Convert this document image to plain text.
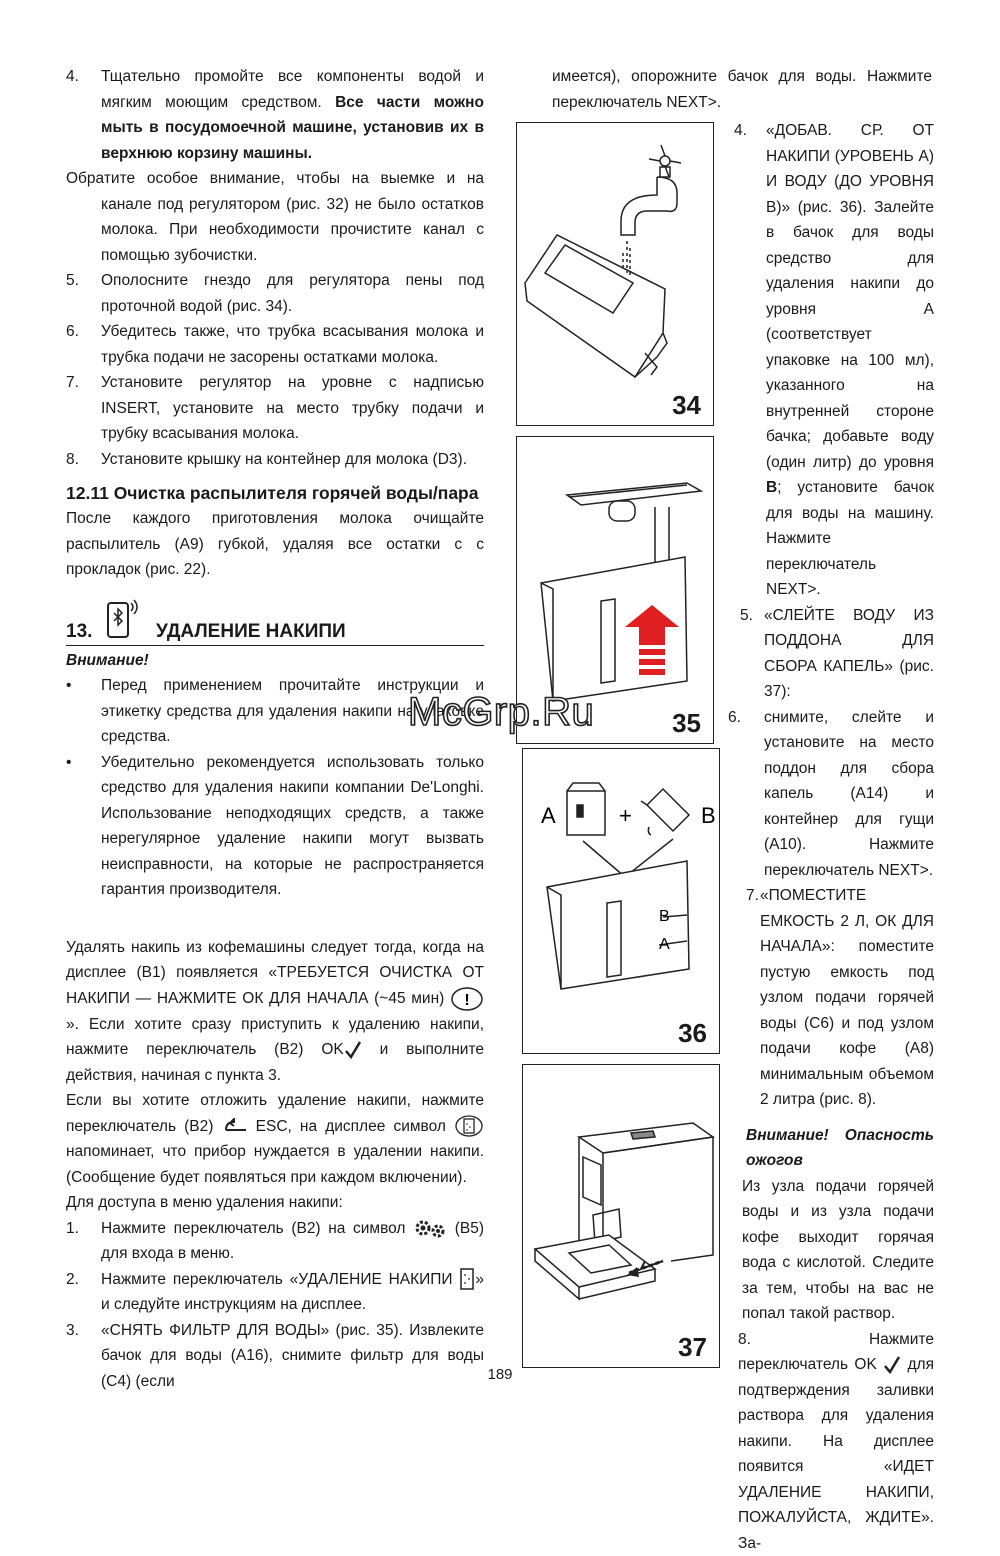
4.	Тщательно промойте все компоненты водой и мягким моющим средством. Все части можно мыть в посудомоечной машине, установив их в верхнюю корзину машины.

Обратите особое внимание, чтобы на выемке и на канале под регулятором (рис. 32) не было остатков молока. При необходимости прочистите канал с помощью зубочистки.

5.	Ополосните гнездо для регулятора пены под проточной водой (рис. 34).
6.	Убедитесь также, что трубка всасывания молока и трубка подачи не засорены остатками молока.
7.	Установите регулятор на уровне с надписью INSERT, установите на место трубку подачи и трубку всасывания молока.
8.	Установите крышку на контейнер для молока (D3).
12.11 Очистка распылителя горячей воды/пара

После каждого приготовления молока очищайте распылитель (A9) губкой, удаляя все остатки с с прокладок (рис. 22).

13.	УДАЛЕНИЕ НАКИПИ

Внимание!

•	Перед применением прочитайте инструкции и этикетку средства для удаления накипи на упаковке средства.
•	Убедительно рекомендуется использовать только средство для удаления накипи компании De'Longhi. Использование неподходящих средств, а также нерегулярное удаление накипи могут вызвать неисправности, на которые не распространяется гарантия производителя.

Удалять накипь из кофемашины следует тогда, когда на дисплее (B1) появляется «ТРЕБУЕТСЯ ОЧИСТКА ОТ НАКИПИ — НАЖМИТЕ ОК ДЛЯ НАЧАЛА (~45 мин) !
». Если хотите сразу приступить к удалению накипи, нажмите переключатель (B2) OK и выполните действия, начиная с пункта 3.

Если вы хотите отложить удаление накипи, нажмите переключатель (B2)	ESC, на дисплее символ  напоминает, что прибор нуждается в удалении накипи. (Сообщение будет появляться при каждом включении).

Для доступа в меню удаления накипи:

1.	Нажмите переключатель (B2) на символ	(B5) для входа в меню.
2.	Нажмите переключатель «УДАЛЕНИЕ НАКИПИ » и следуйте инструкциям на дисплее.
3.	«СНЯТЬ ФИЛЬТР ДЛЯ ВОДЫ» (рис. 35). Извлеките бачок для воды (A16), снимите фильтр для воды (C4) (если

имеется), опорожните бачок для воды. Нажмите переключатель NEXT>.

34
35
A	+	B
B
A
36
37
4.	«ДОБАВ. СР. ОТ НАКИПИ (УРОВЕНЬ A) И ВОДУ (ДО УРОВНЯ B)» (рис. 36). Залейте в бачок для воды средство для удаления накипи до уровня A (соответствует упаковке на 100 мл), указанного на внутренней стороне бачка; добавьте воду (один литр) до уровня B; установите бачок для воды на машину. Нажмите переключатель NEXT>.
5. «СЛЕЙТЕ ВОДУ ИЗ ПОДДОНА ДЛЯ СБОРА КАПЕЛЬ» (рис. 37):
6.	снимите, слейте и установите на место поддон для сбора капель (A14) и контейнер для гущи (A10). Нажмите переключатель NEXT>.
7. «ПОМЕСТИТЕ ЕМКОСТЬ 2 Л, ОК ДЛЯ НАЧАЛА»: поместите пустую емкость под узлом подачи горячей воды (C6) и под узлом подачи кофе (A8) минимальным объемом 2 литра (рис. 8).

Внимание! Опасность ожогов

Из узла подачи горячей воды и из узла подачи кофе выходит горячая вода с кислотой. Следите за тем, чтобы на вас не попал такой раствор.

8.	Нажмите переключатель OK для подтверждения заливки раствора для удаления накипи. На дисплее появится «ИДЕТ УДАЛЕНИЕ НАКИПИ, ПОЖАЛУЙСТА, ЖДИТЕ». За-

McGrp.Ru
189
